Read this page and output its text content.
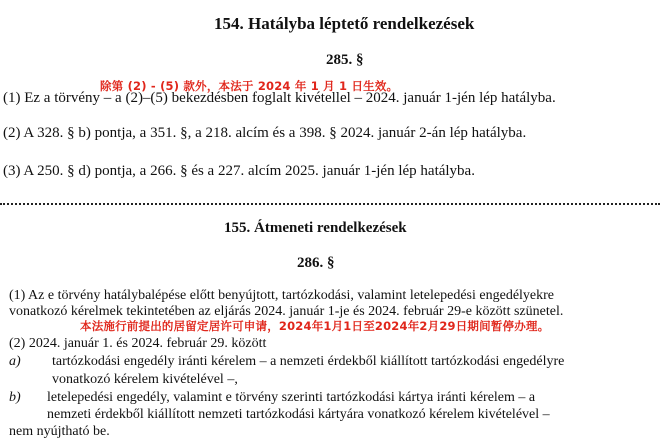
154. Hatályba léptető rendelkezések
285. §
除第 (2) - (5) 款外，本法于 2024 年 1 月 1 日生效。
(1) Ez a törvény – a (2)–(5) bekezdésben foglalt kivétellel – 2024. január 1-jén lép hatályba.
(2) A 328. § b) pontja, a 351. §, a 218. alcím és a 398. § 2024. január 2-án lép hatályba.
(3) A 250. § d) pontja, a 266. § és a 227. alcím 2025. január 1-jén lép hatályba.
155. Átmeneti rendelkezések
286. §
(1) Az e törvény hatálybalépése előtt benyújtott, tartózkodási, valamint letelepedési engedélyekre
vonatkozó kérelmek tekintetében az eljárás 2024. január 1-je és 2024. február 29-e között szünetel.
本法施行前提出的居留定居许可申请，2024年1月1日至2024年2月29日期间暂停办理。
(2) 2024. január 1. és 2024. február 29. között
a) tartózkodási engedély iránti kérelem – a nemzeti érdekből kiállított tartózkodási engedélyre
vonatkozó kérelem kivételével –,
b) letelepedési engedély, valamint e törvény szerinti tartózkodási kártya iránti kérelem – a
nemzeti érdekből kiállított nemzeti tartózkodási kártyára vonatkozó kérelem kivételével –
nem nyújtható be.
